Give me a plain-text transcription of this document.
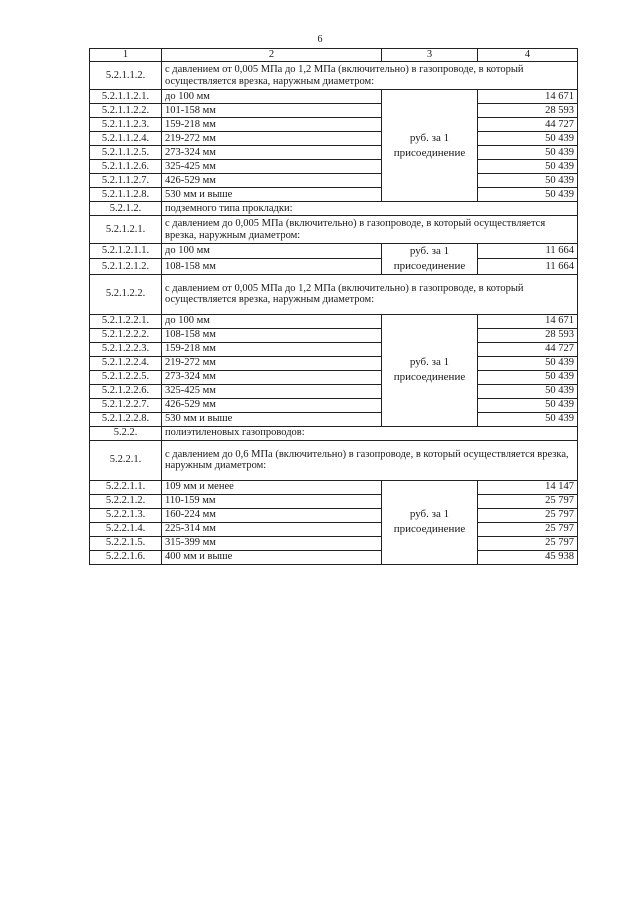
6
1	2	3	4
5.2.1.1.2.	с давлением от 0,005 МПа до 1,2 МПа (включительно) в газопроводе, в который осуществляется врезка, наружным диаметром:		
5.2.1.1.2.1.	до 100 мм	руб. за 1
присоединение	14 671
5.2.1.1.2.2.	101-158 мм		28 593
5.2.1.1.2.3.	159-218 мм		44 727
5.2.1.1.2.4.	219-272 мм		50 439
5.2.1.1.2.5.	273-324 мм		50 439
5.2.1.1.2.6.	325-425 мм		50 439
5.2.1.1.2.7.	426-529 мм		50 439
5.2.1.1.2.8.	530 мм и выше		50 439
5.2.1.2.	подземного типа прокладки:		
5.2.1.2.1.	с давлением до 0,005 МПа (включительно) в газопроводе, в который осуществляется врезка, наружным диаметром:		
5.2.1.2.1.1.	до 100 мм	руб. за 1
присоединение	11 664
5.2.1.2.1.2.	108-158 мм		11 664
5.2.1.2.2.	с давлением от 0,005 МПа до 1,2 МПа (включительно) в газопроводе, в который осуществляется врезка, наружным диаметром:		
5.2.1.2.2.1.	до 100 мм	руб. за 1
присоединение	14 671
5.2.1.2.2.2.	108-158 мм		28 593
5.2.1.2.2.3.	159-218 мм		44 727
5.2.1.2.2.4.	219-272 мм		50 439
5.2.1.2.2.5.	273-324 мм		50 439
5.2.1.2.2.6.	325-425 мм		50 439
5.2.1.2.2.7.	426-529 мм		50 439
5.2.1.2.2.8.	530 мм и выше		50 439
5.2.2.	полиэтиленовых газопроводов:		
5.2.2.1.	с давлением до 0,6 МПа (включительно) в газопроводе, в который осуществляется врезка, наружным диаметром:		
5.2.2.1.1.	109 мм и менее	руб. за 1
присоединение	14 147
5.2.2.1.2.	110-159 мм		25 797
5.2.2.1.3.	160-224 мм		25 797
5.2.2.1.4.	225-314 мм		25 797
5.2.2.1.5.	315-399 мм		25 797
5.2.2.1.6.	400 мм и выше		45 938
